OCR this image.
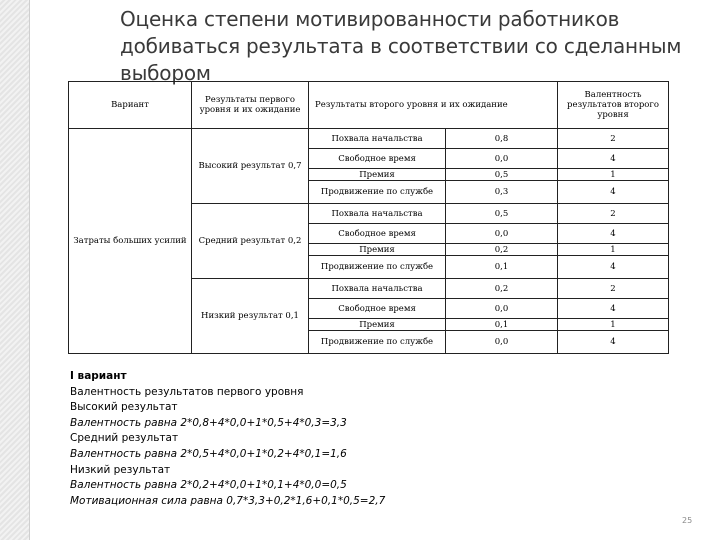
Оценка степени мотивированности работников
добиваться результата в соответствии со сделанным
выбором
Вариант	Результаты первого уровня и их ожидание	Результаты второго уровня и их ожидание		Валентность результатов второго уровня
Затраты больших усилий	Высокий результат 0,7	Похвала начальства	0,8	2
		Свободное время	0,0	4
		Премия	0,5	1
		Продвижение по службе	0,3	4
	Средний результат 0,2	Похвала начальства	0,5	2
		Свободное время	0,0	4
		Премия	0,2	1
		Продвижение по службе	0,1	4
	Низкий результат 0,1	Похвала начальства	0,2	2
		Свободное время	0,0	4
		Премия	0,1	1
		Продвижение по службе	0,0	4
I вариант
Валентность результатов первого уровня
Высокий результат
Валентность равна 2*0,8+4*0,0+1*0,5+4*0,3=3,3
Средний результат
Валентность равна 2*0,5+4*0,0+1*0,2+4*0,1=1,6
Низкий результат
Валентность равна 2*0,2+4*0,0+1*0,1+4*0,0=0,5
Мотивационная сила равна 0,7*3,3+0,2*1,6+0,1*0,5=2,7
25
